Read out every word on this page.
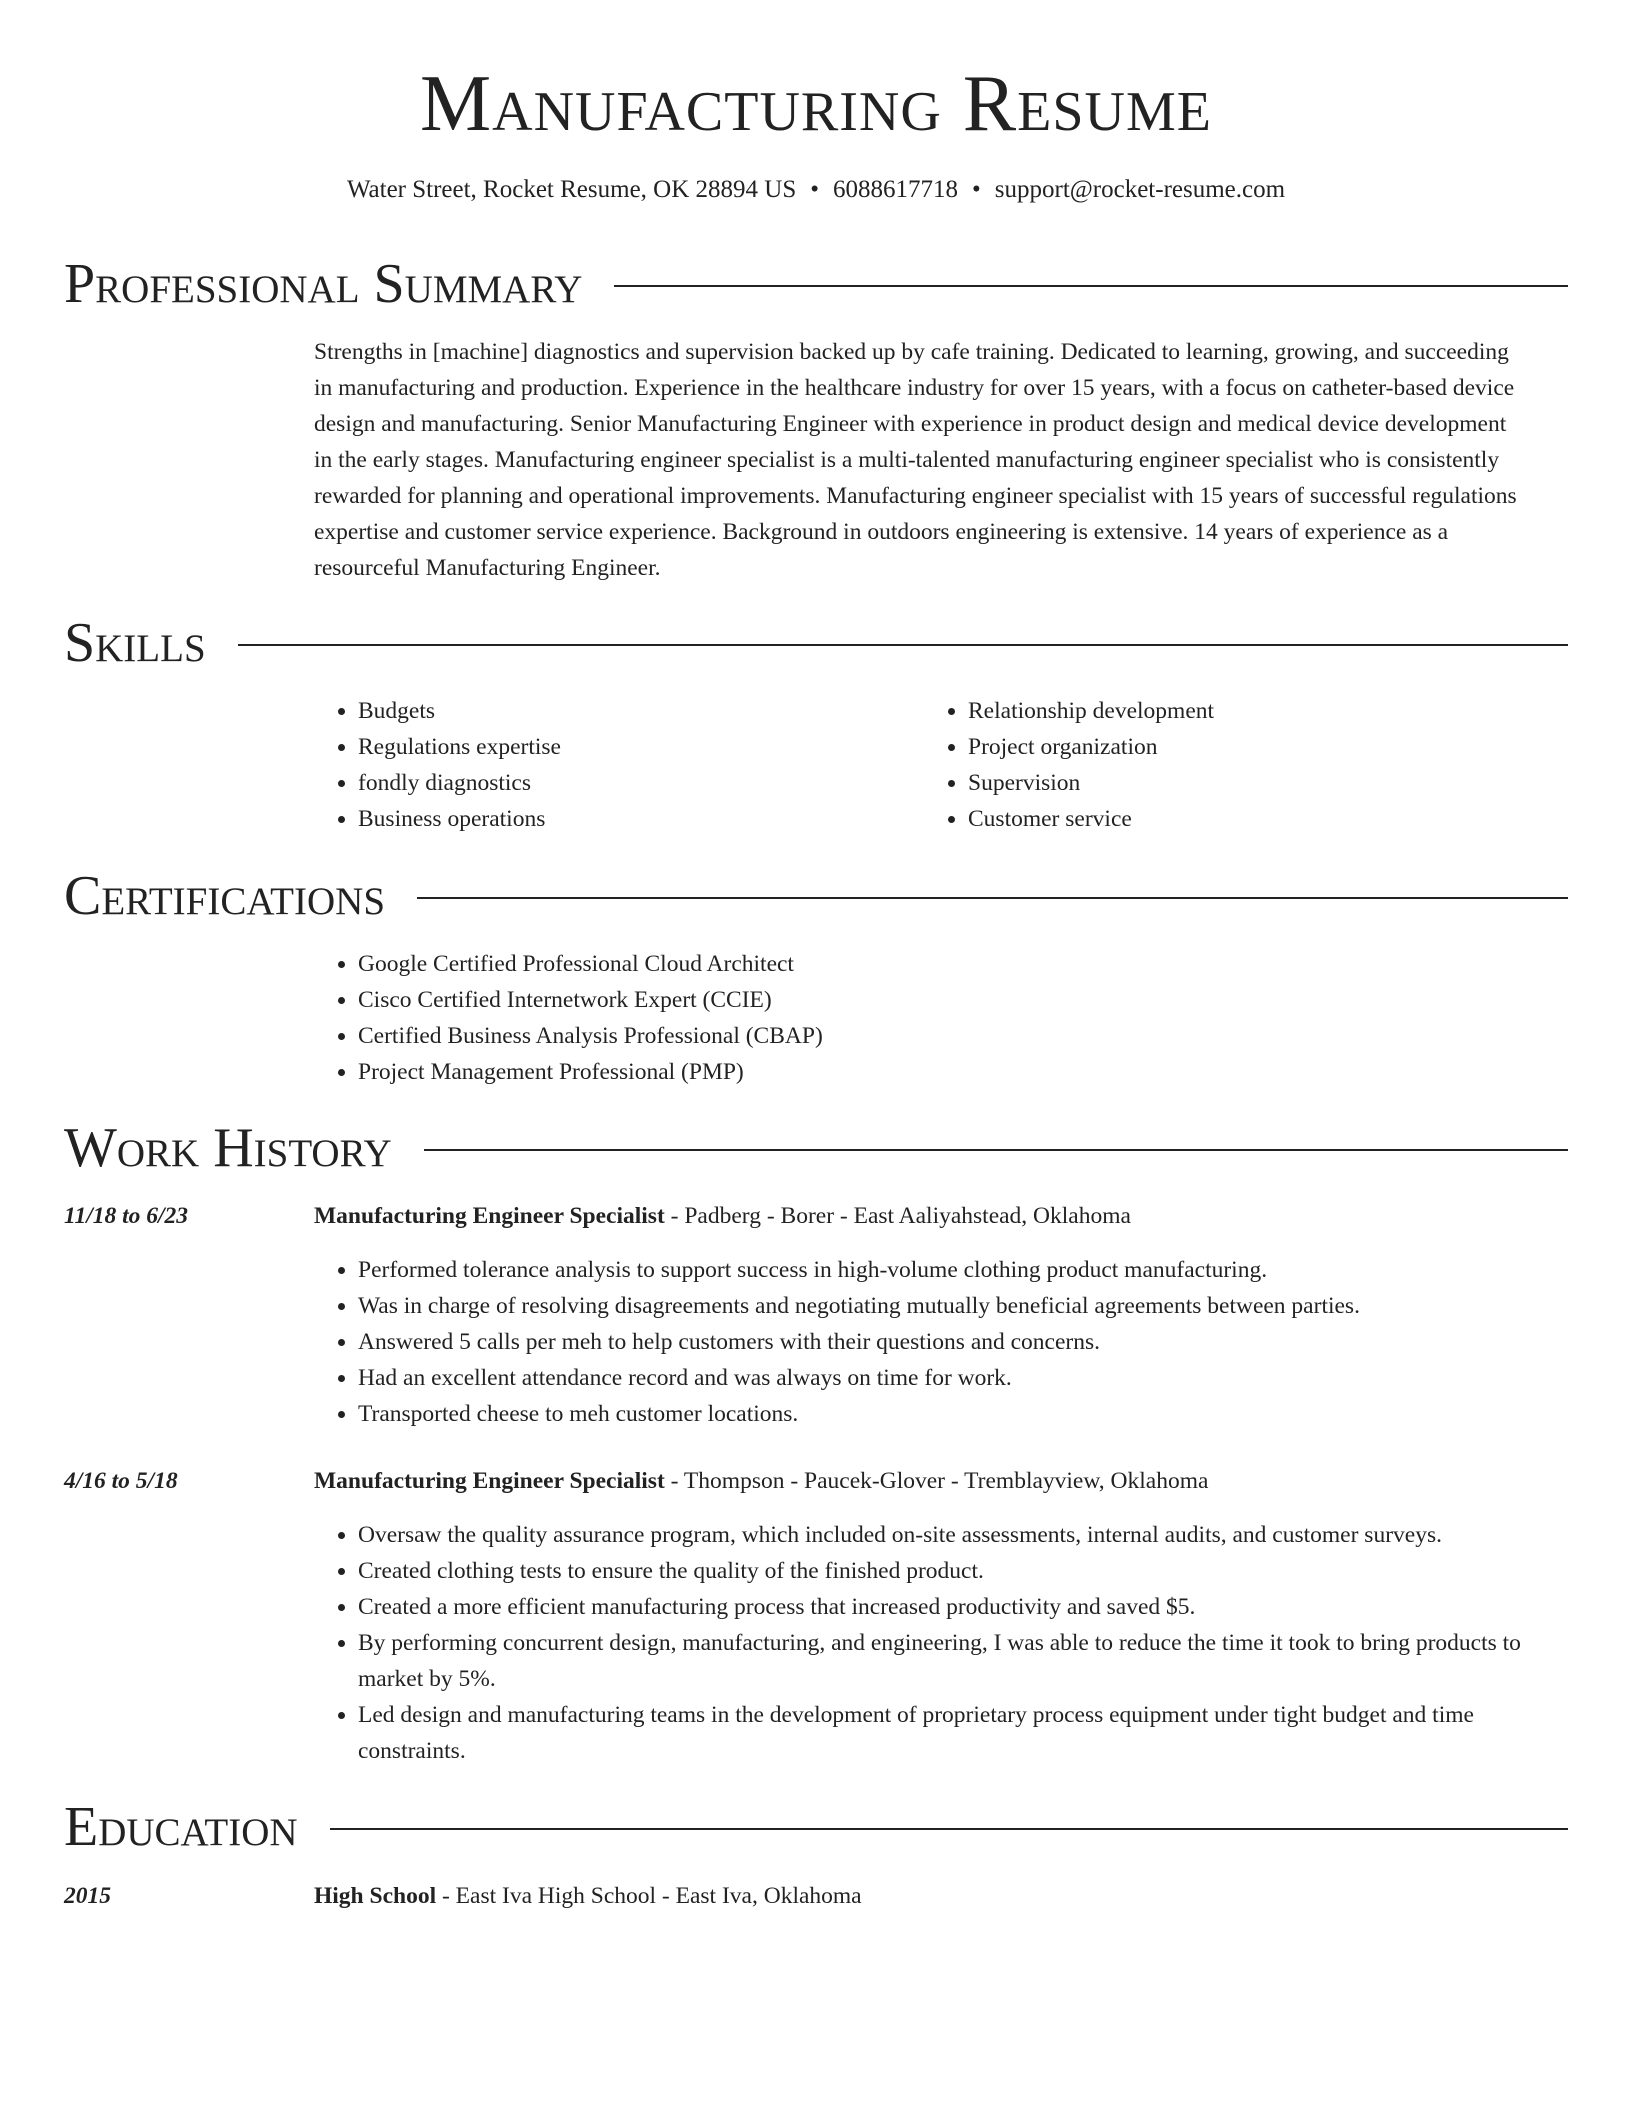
Manufacturing Resume
Water Street, Rocket Resume, OK 28894 US • 6088617718 • support@rocket-resume.com
Professional Summary

Strengths in [machine] diagnostics and supervision backed up by cafe training. Dedicated to learning, growing, and succeeding in manufacturing and production. Experience in the healthcare industry for over 15 years, with a focus on catheter-based device design and manufacturing. Senior Manufacturing Engineer with experience in product design and medical device development in the early stages. Manufacturing engineer specialist is a multi-talented manufacturing engineer specialist who is consistently rewarded for planning and operational improvements. Manufacturing engineer specialist with 15 years of successful regulations expertise and customer service experience. Background in outdoors engineering is extensive. 14 years of experience as a resourceful Manufacturing Engineer.

Skills
• Budgets
• Regulations expertise
• fondly diagnostics
• Business operations
• Relationship development
• Project organization
• Supervision
• Customer service
Certifications
• Google Certified Professional Cloud Architect
• Cisco Certified Internetwork Expert (CCIE)
• Certified Business Analysis Professional (CBAP)
• Project Management Professional (PMP)
Work History
11/18 to 6/23	Manufacturing Engineer Specialist - Padberg - Borer - East Aaliyahstead, Oklahoma
• Performed tolerance analysis to support success in high-volume clothing product manufacturing.
• Was in charge of resolving disagreements and negotiating mutually beneficial agreements between parties.
• Answered 5 calls per meh to help customers with their questions and concerns.
• Had an excellent attendance record and was always on time for work.
• Transported cheese to meh customer locations.
4/16 to 5/18	Manufacturing Engineer Specialist - Thompson - Paucek-Glover - Tremblayview, Oklahoma
• Oversaw the quality assurance program, which included on-site assessments, internal audits, and customer surveys.
• Created clothing tests to ensure the quality of the finished product.
• Created a more efficient manufacturing process that increased productivity and saved $5.
• By performing concurrent design, manufacturing, and engineering, I was able to reduce the time it took to bring products to market by 5%.
• Led design and manufacturing teams in the development of proprietary process equipment under tight budget and time constraints.
Education
2015	High School - East Iva High School - East Iva, Oklahoma
